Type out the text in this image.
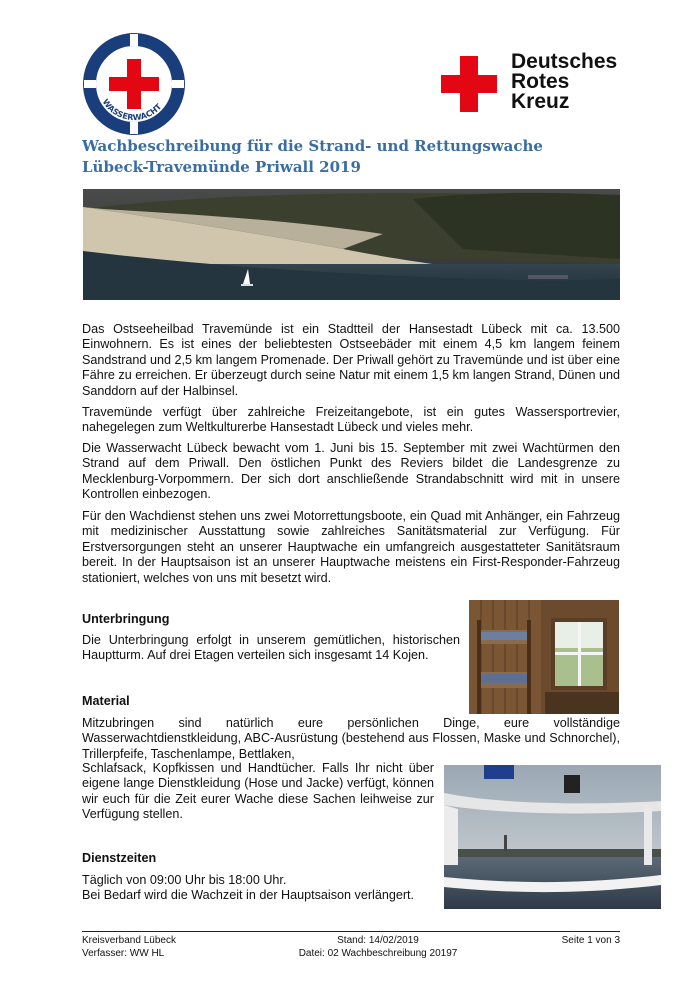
WASSERWACHT
Deutsches
Rotes
Kreuz
Wachbeschreibung für die Strand- und Rettungswache
Lübeck-Travemünde Priwall 2019

Das Ostseeheilbad Travemünde ist ein Stadtteil der Hansestadt Lübeck mit ca. 13.500 Einwohnern. Es ist eines der beliebtesten Ostseebäder mit einem 4,5 km langem feinem Sandstrand und 2,5 km langem Promenade. Der Priwall gehört zu Travemünde und ist über eine Fähre zu erreichen. Er überzeugt durch seine Natur mit einem 1,5 km langen Strand, Dünen und Sanddorn auf der Halbinsel.

Travemünde verfügt über zahlreiche Freizeitangebote, ist ein gutes Wassersportrevier, nahegelegen zum Weltkulturerbe Hansestadt Lübeck und vieles mehr.

Die Wasserwacht Lübeck bewacht vom 1. Juni bis 15. September mit zwei Wachtürmen den Strand auf dem Priwall. Den östlichen Punkt des Reviers bildet die Landesgrenze zu Mecklenburg-Vorpommern. Der sich dort anschließende Strandabschnitt wird mit in unsere Kontrollen einbezogen.

Für den Wachdienst stehen uns zwei Motorrettungsboote, ein Quad mit Anhänger, ein Fahrzeug mit medizinischer Ausstattung sowie zahlreiches Sanitätsmaterial zur Verfügung. Für Erstversorgungen steht an unserer Hauptwache ein umfangreich ausgestatteter Sanitätsraum bereit. In der Hauptsaison ist an unserer Hauptwache meistens ein First-Responder-Fahrzeug stationiert, welches von uns mit besetzt wird.

Unterbringung

Die Unterbringung erfolgt in unserem gemütlichen, historischen Hauptturm. Auf drei Etagen verteilen sich insgesamt 14 Kojen.

Material

Mitzubringen sind natürlich eure persönlichen Dinge, eure vollständige Wasserwachtdienstkleidung, ABC-Ausrüstung (bestehend aus Flossen, Maske und Schnorchel), Trillerpfeife, Taschenlampe, Bettlaken,

Schlafsack, Kopfkissen und Handtücher. Falls Ihr nicht über eigene lange Dienstkleidung (Hose und Jacke) verfügt, können wir euch für die Zeit eurer Wache diese Sachen leihweise zur Verfügung stellen.

Dienstzeiten
Täglich von 09:00 Uhr bis 18:00 Uhr.
Bei Bedarf wird die Wachzeit in der Hauptsaison verlängert.
Kreisverband Lübeck
Verfasser: WW HL
Stand: 14/02/2019
Datei: 02 Wachbeschreibung 20197
Seite 1 von 3
